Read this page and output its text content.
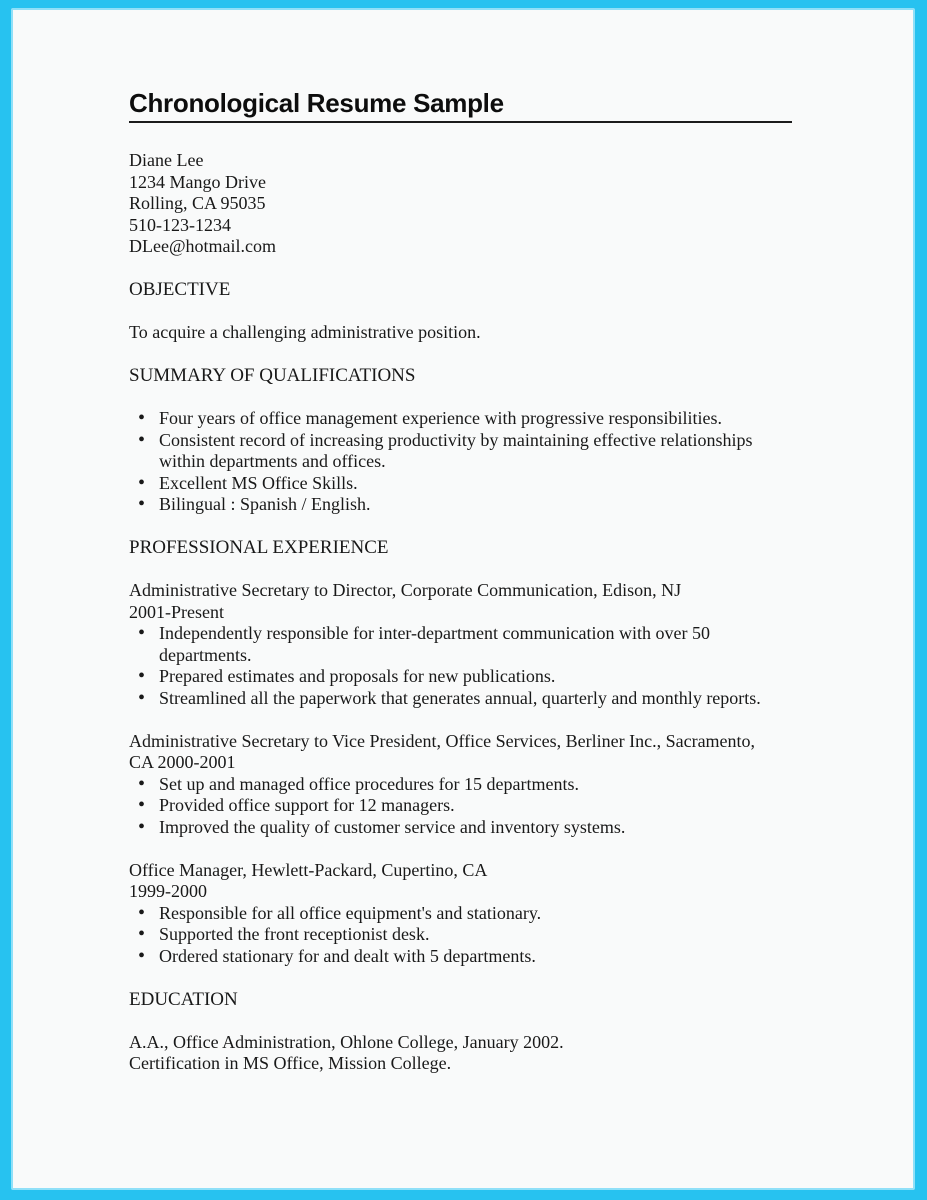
Chronological Resume Sample

Diane Lee

1234 Mango Drive

Rolling, CA 95035

510-123-1234

DLee@hotmail.com

OBJECTIVE

To acquire a challenging administrative position.

SUMMARY OF QUALIFICATIONS

• Four years of office management experience with progressive responsibilities.
• Consistent record of increasing productivity by maintaining effective relationships within departments and offices.
• Excellent MS Office Skills.
• Bilingual : Spanish / English.

PROFESSIONAL EXPERIENCE

Administrative Secretary to Director, Corporate Communication, Edison, NJ

2001-Present

• Independently responsible for inter-department communication with over 50 departments.
• Prepared estimates and proposals for new publications.
• Streamlined all the paperwork that generates annual, quarterly and monthly reports.

Administrative Secretary to Vice President, Office Services, Berliner Inc., Sacramento,

CA 2000-2001

• Set up and managed office procedures for 15 departments.
• Provided office support for 12 managers.
• Improved the quality of customer service and inventory systems.

Office Manager, Hewlett-Packard, Cupertino, CA

1999-2000

• Responsible for all office equipment's and stationary.
• Supported the front receptionist desk.
• Ordered stationary for and dealt with 5 departments.

EDUCATION

A.A., Office Administration, Ohlone College, January 2002.

Certification in MS Office, Mission College.
